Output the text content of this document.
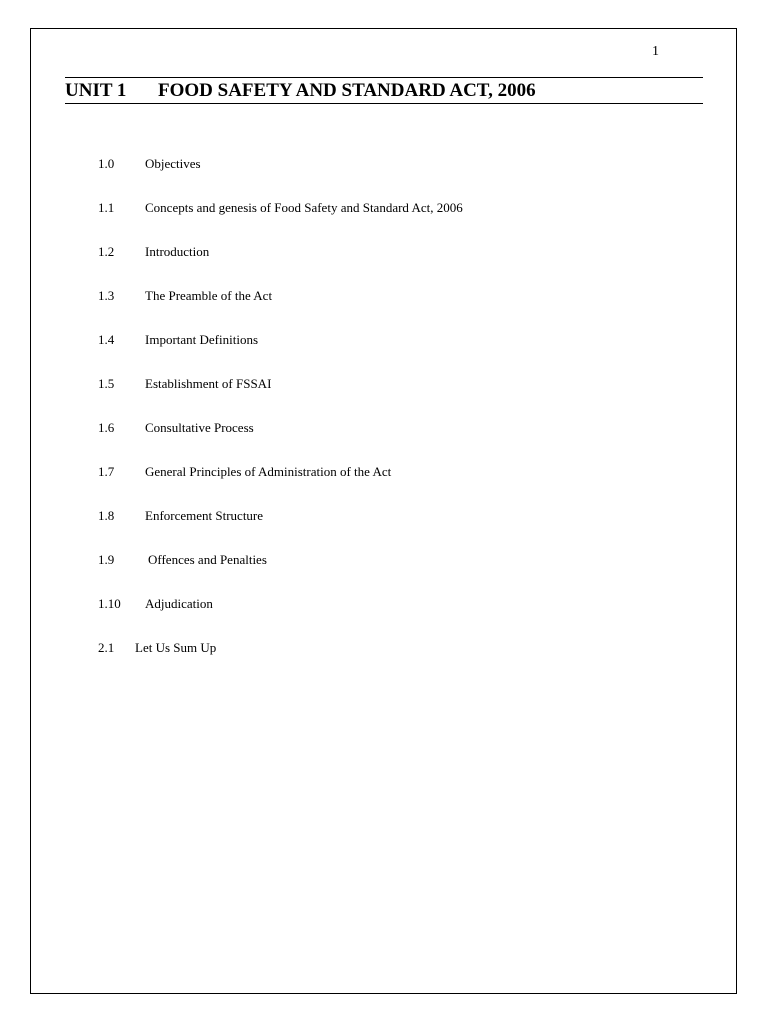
1
UNIT 1 FOOD SAFETY AND STANDARD ACT, 2006
1.0 Objectives
1.1 Concepts and genesis of Food Safety and Standard Act, 2006
1.2 Introduction
1.3 The Preamble of the Act
1.4 Important Definitions
1.5 Establishment of FSSAI
1.6 Consultative Process
1.7 General Principles of Administration of the Act
1.8 Enforcement Structure
1.9	Offences and Penalties
1.10 Adjudication
2.1 Let Us Sum Up
